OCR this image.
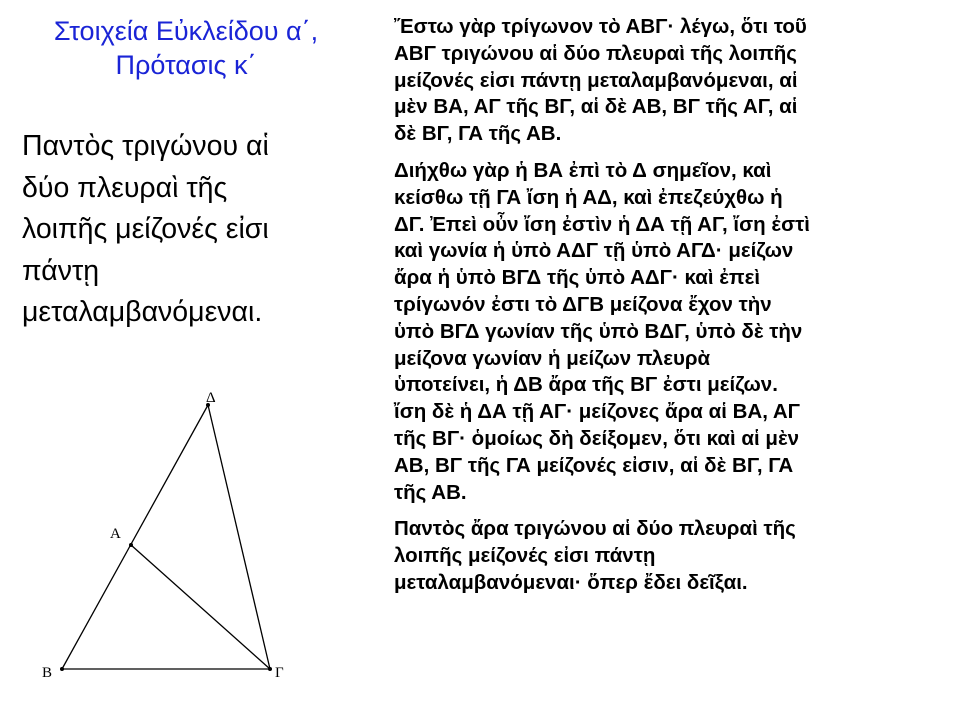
Στοιχεία Εὐκλείδου α΄,
Πρότασις κ΄
Παντὸς τριγώνου αἱ
δύο πλευραὶ τῆς
λοιπῆς μείζονές εἰσι
πάντῃ
μεταλαμβανόμεναι.
Δ
Α
Β	Γ

Ἔστω γὰρ τρίγωνον τὸ ΑΒΓ· λέγω, ὅτι τοῦ
ΑΒΓ τριγώνου αἱ δύο πλευραὶ τῆς λοιπῆς
μείζονές εἰσι πάντῃ μεταλαμβανόμεναι, αἱ
μὲν ΒΑ, ΑΓ τῆς ΒΓ, αἱ δὲ ΑΒ, ΒΓ τῆς ΑΓ, αἱ
δὲ ΒΓ, ΓΑ τῆς ΑΒ.

Διήχθω γὰρ ἡ ΒΑ ἐπὶ τὸ Δ σημεῖον, καὶ
κείσθω τῇ ΓΑ ἴση ἡ ΑΔ, καὶ ἐπεζεύχθω ἡ
ΔΓ. Ἐπεὶ οὖν ἴση ἐστὶν ἡ ΔΑ τῇ ΑΓ, ἴση ἐστὶ
καὶ γωνία ἡ ὑπὸ ΑΔΓ τῇ ὑπὸ ΑΓΔ· μείζων
ἄρα ἡ ὑπὸ ΒΓΔ τῆς ὑπὸ ΑΔΓ· καὶ ἐπεὶ
τρίγωνόν ἐστι τὸ ΔΓΒ μείζονα ἔχον τὴν
ὑπὸ ΒΓΔ γωνίαν τῆς ὑπὸ ΒΔΓ, ὑπὸ δὲ τὴν
μείζονα γωνίαν ἡ μείζων πλευρὰ
ὑποτείνει, ἡ ΔΒ ἄρα τῆς ΒΓ ἐστι μείζων.
ἴση δὲ ἡ ΔΑ τῇ ΑΓ· μείζονες ἄρα αἱ ΒΑ, ΑΓ
τῆς ΒΓ· ὁμοίως δὴ δείξομεν, ὅτι καὶ αἱ μὲν
ΑΒ, ΒΓ τῆς ΓΑ μείζονές εἰσιν, αἱ δὲ ΒΓ, ΓΑ
τῆς ΑΒ.

Παντὸς ἄρα τριγώνου αἱ δύο πλευραὶ τῆς
λοιπῆς μείζονές εἰσι πάντῃ
μεταλαμβανόμεναι· ὅπερ ἔδει δεῖξαι.
